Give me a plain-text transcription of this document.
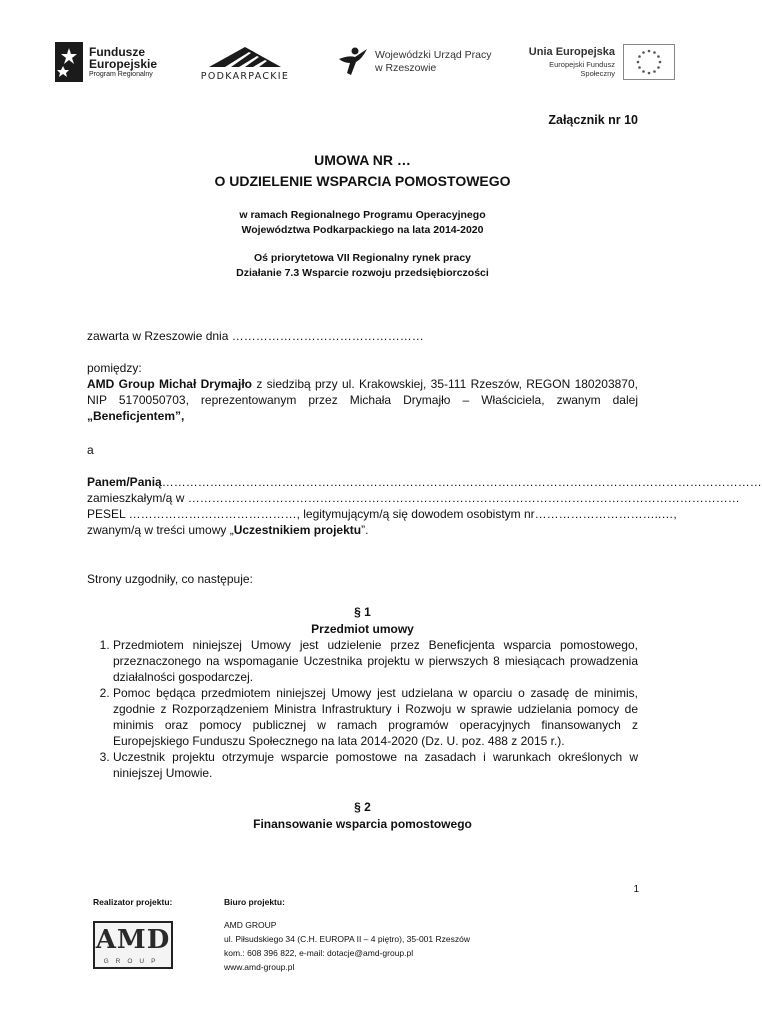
Fundusze
Europejskie
Program Regionalny	PODKARPACKIE
Wojewódzki Urząd Pracy
w Rzeszowie
Unia Europejska
Europejski Fundusz Społeczny
Załącznik nr 10
UMOWA NR …
O UDZIELENIE WSPARCIA POMOSTOWEGO
w ramach Regionalnego Programu Operacyjnego
Województwa Podkarpackiego na lata 2014-2020
Oś priorytetowa VII Regionalny rynek pracy
Działanie 7.3 Wsparcie rozwoju przedsiębiorczości
zawarta w Rzeszowie dnia …………………………………………
pomiędzy:
AMD Group Michał Drymajło z siedzibą przy ul. Krakowskiej, 35-111 Rzeszów, REGON 180203870, NIP 5170050703, reprezentowanym przez Michała Drymajło – Właściciela, zwanym dalej „Beneficjentem”,
a
Panem/Panią……………………………………………………………………………………………………………………………………
zamieszkałym/ą w …………………………………………………………………………………………………………………………
PESEL ……………………………………, legitymującym/ą się dowodem osobistym nr…………………………..…,
zwanym/ą w treści umowy „Uczestnikiem projektu”.
Strony uzgodniły, co następuje:
§ 1
Przedmiot umowy
1. Przedmiotem niniejszej Umowy jest udzielenie przez Beneficjenta wsparcia pomostowego, przeznaczonego na wspomaganie Uczestnika projektu w pierwszych 8 miesiącach prowadzenia działalności gospodarczej.
2. Pomoc będąca przedmiotem niniejszej Umowy jest udzielana w oparciu o zasadę de minimis, zgodnie z Rozporządzeniem Ministra Infrastruktury i Rozwoju w sprawie udzielania pomocy de minimis oraz pomocy publicznej w ramach programów operacyjnych finansowanych z Europejskiego Funduszu Społecznego na lata 2014-2020 (Dz. U. poz. 488 z 2015 r.).
3. Uczestnik projektu otrzymuje wsparcie pomostowe na zasadach i warunkach określonych w niniejszej Umowie.
§ 2
Finansowanie wsparcia pomostowego
1
Realizator projektu:	Biuro projektu:
AMD
GROUP
AMD GROUP
ul. Piłsudskiego 34 (C.H. EUROPA II – 4 piętro), 35-001 Rzeszów
kom.: 608 396 822, e-mail: dotacje@amd-group.pl
www.amd-group.pl
